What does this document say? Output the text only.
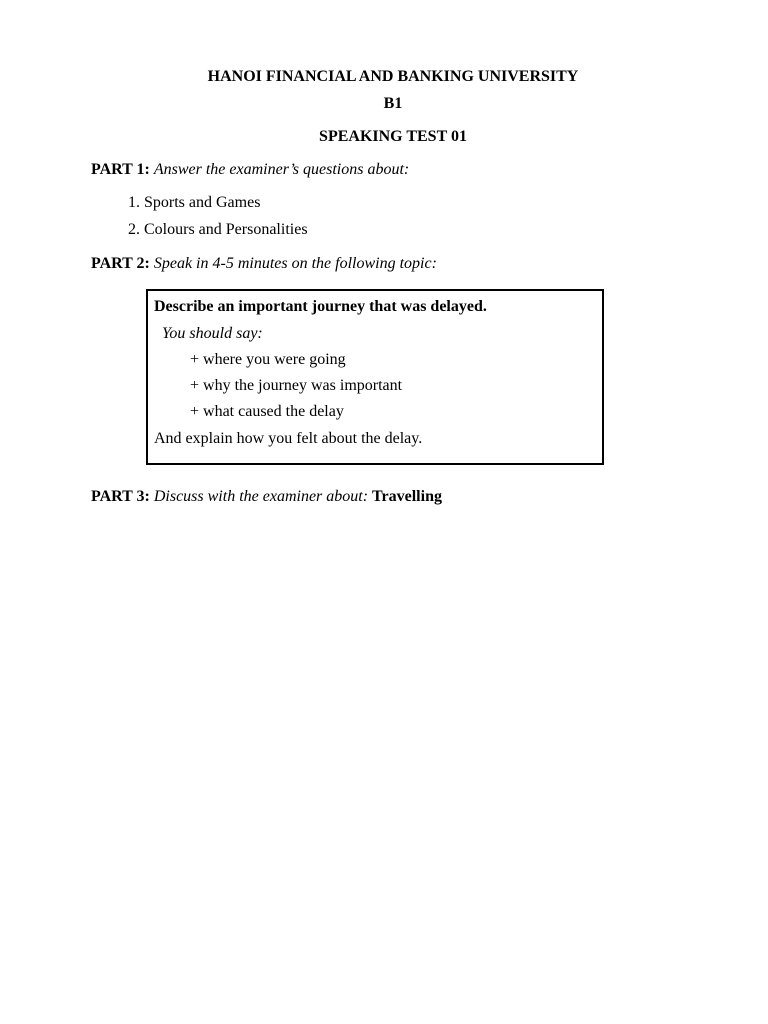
HANOI FINANCIAL AND BANKING UNIVERSITY
B1
SPEAKING TEST 01
PART 1: Answer the examiner’s questions about:
1. Sports and Games
2. Colours and Personalities
PART 2: Speak in 4-5 minutes on the following topic:
Describe an important journey that was delayed.
You should say:
+ where you were going
+ why the journey was important
+ what caused the delay
And explain how you felt about the delay.
PART 3: Discuss with the examiner about: Travelling
